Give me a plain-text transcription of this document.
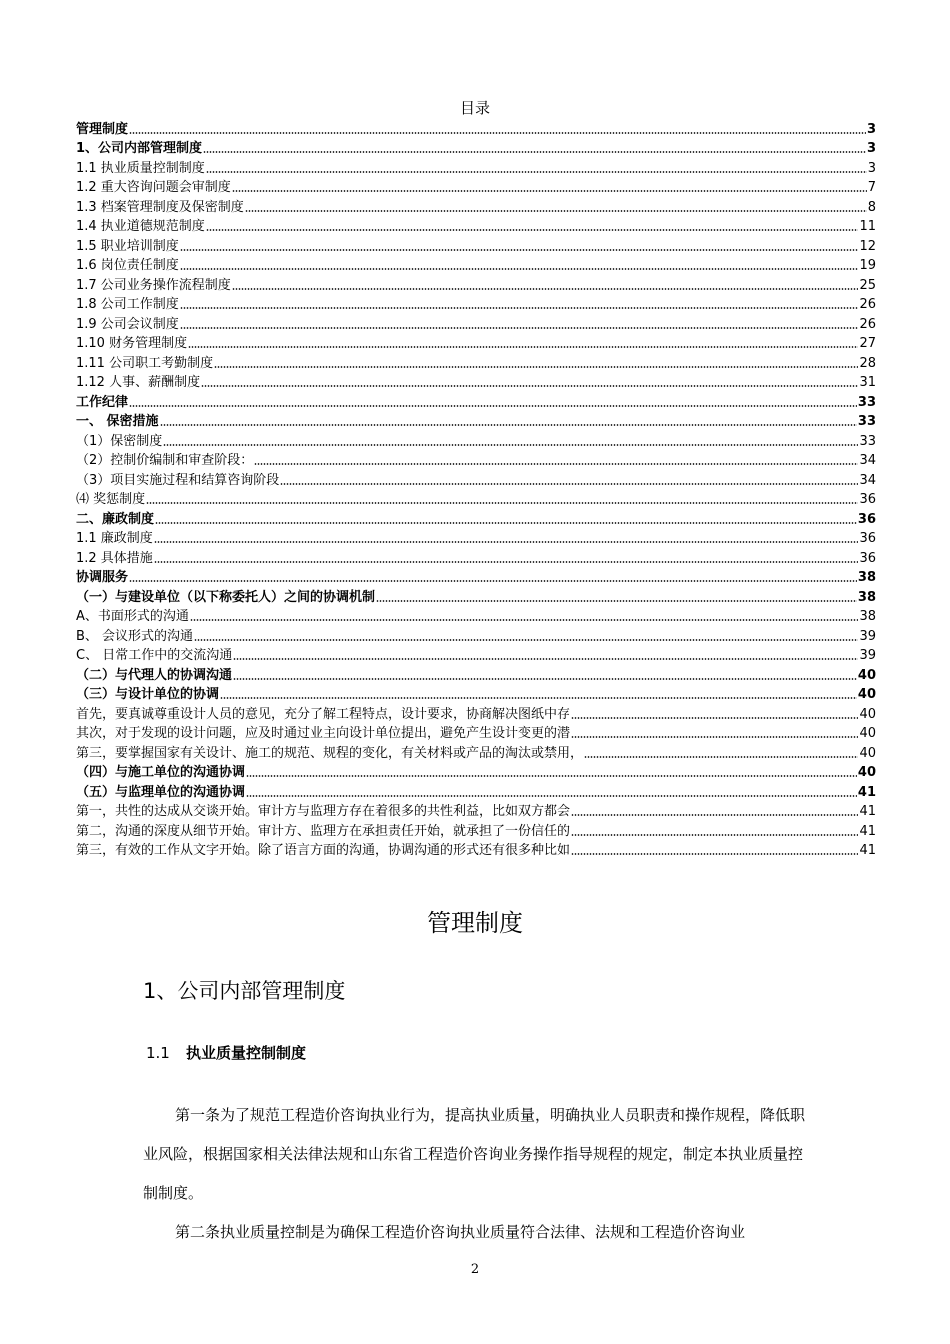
目录
管理制度	3
1、公司内部管理制度	3
1.1 执业质量控制制度	3
1.2 重大咨询问题会审制度	7
1.3 档案管理制度及保密制度	8
1.4 执业道德规范制度	11
1.5 职业培训制度	12
1.6 岗位责任制度	19
1.7 公司业务操作流程制度	25
1.8 公司工作制度	26
1.9 公司会议制度	26
1.10 财务管理制度	27
1.11 公司职工考勤制度	28
1.12 人事、薪酬制度	31
工作纪律	33
一、 保密措施	33
（1）保密制度	33
（2）控制价编制和审查阶段：	34
（3）项目实施过程和结算咨询阶段	34
⑷ 奖惩制度	36
二、廉政制度	36
1.1 廉政制度	36
1.2 具体措施	36
协调服务	38
（一）与建设单位（以下称委托人）之间的协调机制	38
A、书面形式的沟通	38
B、 会议形式的沟通	39
C、 日常工作中的交流沟通	39
（二）与代理人的协调沟通	40
（三）与设计单位的协调	40
首先，要真诚尊重设计人员的意见，充分了解工程特点，设计要求，协商解决图纸中存	40
其次，对于发现的设计问题，应及时通过业主向设计单位提出，避免产生设计变更的潜	40
第三，要掌握国家有关设计、施工的规范、规程的变化，有关材料或产品的淘汰或禁用，	40
（四）与施工单位的沟通协调	40
（五）与监理单位的沟通协调	41
第一，共性的达成从交谈开始。审计方与监理方存在着很多的共性利益，比如双方都会	41
第二，沟通的深度从细节开始。审计方、监理方在承担责任开始，就承担了一份信任的	41
第三，有效的工作从文字开始。除了语言方面的沟通，协调沟通的形式还有很多种比如	41
管理制度
1、公司内部管理制度
1.1 执业质量控制制度

第一条为了规范工程造价咨询执业行为，提高执业质量，明确执业人员职责和操作规程，降低职业风险，根据国家相关法律法规和山东省工程造价咨询业务操作指导规程的规定，制定本执业质量控制制度。

第二条执业质量控制是为确保工程造价咨询执业质量符合法律、法规和工程造价咨询业

2
